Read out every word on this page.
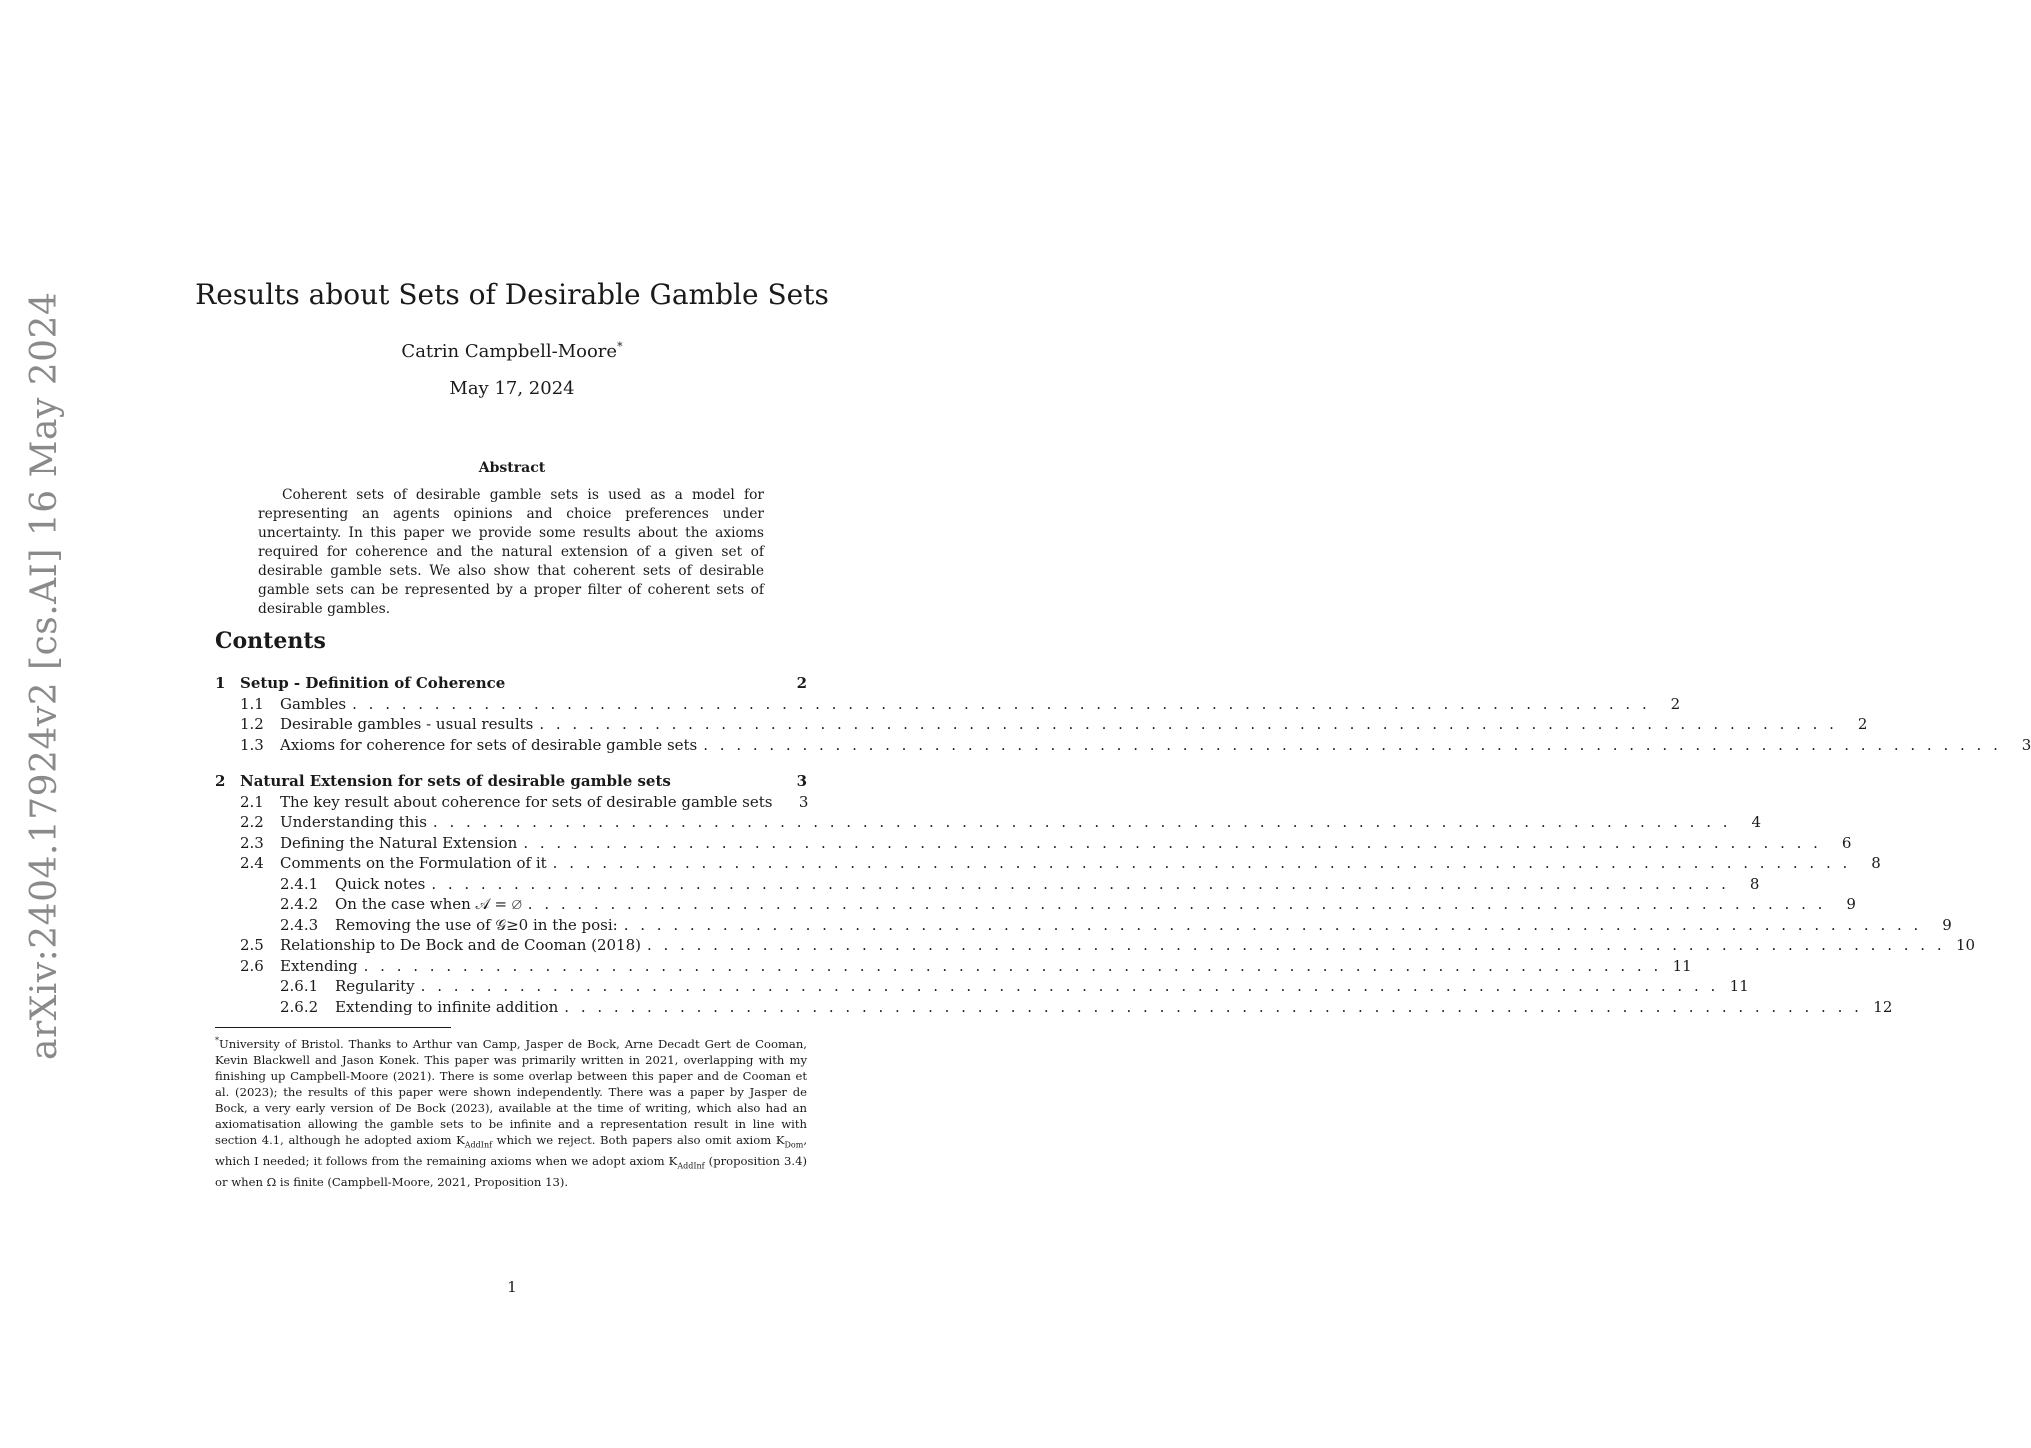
arXiv:2404.17924v2 [cs.AI] 16 May 2024	Results about Sets of Desirable Gamble Sets
Catrin Campbell-Moore*
May 17, 2024
Abstract

Coherent sets of desirable gamble sets is used as a model for representing an agents opinions and choice preferences under uncertainty. In this paper we provide some results about the axioms required for coherence and the natural extension of a given set of desirable gamble sets. We also show that coherent sets of desirable gamble sets can be represented by a proper filter of coherent sets of desirable gambles.

Contents
1 Setup - Definition of Coherence	2
1.1	Gambles . . .	2
1.2	Desirable gambles - usual results . . .	2
1.3	Axioms for coherence for sets of desirable gamble sets . . .	3
2 Natural Extension for sets of desirable gamble sets	3
2.1	The key result about coherence for sets of desirable gamble sets	3
2.2	Understanding this . . .	4
2.3	Defining the Natural Extension . . .	6
2.4	Comments on the Formulation of it . . .	8
2.4.1	Quick notes . . .	8
2.4.2	On the case when 𝒜 = ∅ . . .	9
2.4.3	Removing the use of 𝒢≥0 in the posi: . . .	9
2.5	Relationship to De Bock and de Cooman (2018) . . .	10
2.6	Extending . . .	11
2.6.1	Regularity . . .	11
2.6.2	Extending to infinite addition . . .	12

*University of Bristol. Thanks to Arthur van Camp, Jasper de Bock, Arne Decadt Gert de Cooman, Kevin Blackwell and Jason Konek. This paper was primarily written in 2021, overlapping with my finishing up Campbell-Moore (2021). There is some overlap between this paper and de Cooman et al. (2023); the results of this paper were shown independently. There was a paper by Jasper de Bock, a very early version of De Bock (2023), available at the time of writing, which also had an axiomatisation allowing the gamble sets to be infinite and a representation result in line with section 4.1, although he adopted axiom $K_{AddInf}$ which we reject. Both papers also omit axiom $K_{Dom}$, which I needed; it follows from the remaining axioms when we adopt axiom $K_{AddInf}$ (proposition 3.4) or when Ω is finite (Campbell-Moore, 2021, Proposition 13).

1
